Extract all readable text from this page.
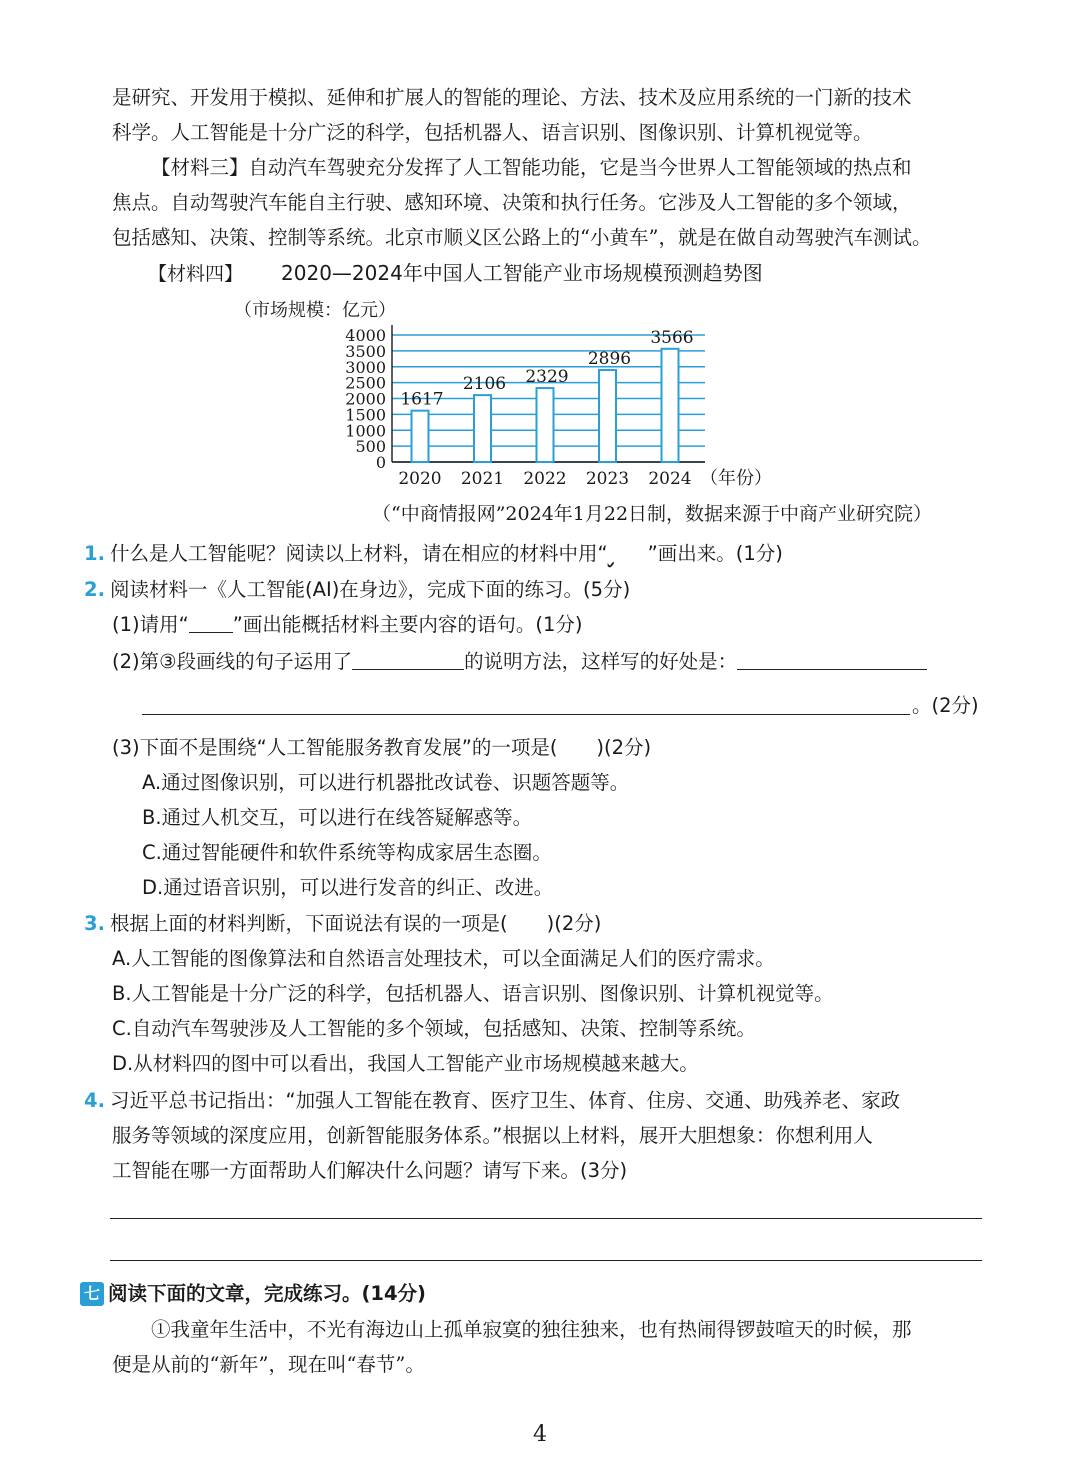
是研究、开发用于模拟、延伸和扩展人的智能的理论、方法、技术及应用系统的一门新的技术

科学。人工智能是十分广泛的科学，包括机器人、语言识别、图像识别、计算机视觉等。

【材料三】自动汽车驾驶充分发挥了人工智能功能，它是当今世界人工智能领域的热点和

焦点。自动驾驶汽车能自主行驶、感知环境、决策和执行任务。它涉及人工智能的多个领域，

包括感知、决策、控制等系统。北京市顺义区公路上的“小黄车”，就是在做自动驾驶汽车测试。

【材料四】 2020—2024年中国人工智能产业市场规模预测趋势图
（市场规模：亿元）
0
500
1000
1500
2000
2500
3000
3500
4000
1617
2106 2329
2896
3566
2020 2021 2022 2023 2024 （年份）
（“中商情报网”2024年1月22日制，数据来源于中商产业研究院）
1. 什么是人工智能呢？阅读以上材料，请在相应的材料中用“ ”画出来。(1分)
2. 阅读材料一《人工智能(AI)在身边》，完成下面的练习。(5分)
(1)请用“ ”画出能概括材料主要内容的语句。(1分)
(2)第③段画线的句子运用了	的说明方法，这样写的好处是：
。(2分)
(3)下面不是围绕“人工智能服务教育发展”的一项是(　　)(2分)
A.通过图像识别，可以进行机器批改试卷、识题答题等。
B.通过人机交互，可以进行在线答疑解惑等。
C.通过智能硬件和软件系统等构成家居生态圈。
D.通过语音识别，可以进行发音的纠正、改进。
3. 根据上面的材料判断，下面说法有误的一项是(　　)(2分)
A.人工智能的图像算法和自然语言处理技术，可以全面满足人们的医疗需求。
B.人工智能是十分广泛的科学，包括机器人、语言识别、图像识别、计算机视觉等。
C.自动汽车驾驶涉及人工智能的多个领域，包括感知、决策、控制等系统。
D.从材料四的图中可以看出，我国人工智能产业市场规模越来越大。
4. 习近平总书记指出：“加强人工智能在教育、医疗卫生、体育、住房、交通、助残养老、家政
服务等领域的深度应用，创新智能服务体系。”根据以上材料，展开大胆想象：你想利用人
工智能在哪一方面帮助人们解决什么问题？请写下来。(3分)
七 阅读下面的文章，完成练习。(14分)

①我童年生活中，不光有海边山上孤单寂寞的独往独来，也有热闹得锣鼓喧天的时候，那

便是从前的“新年”，现在叫“春节”。

4
